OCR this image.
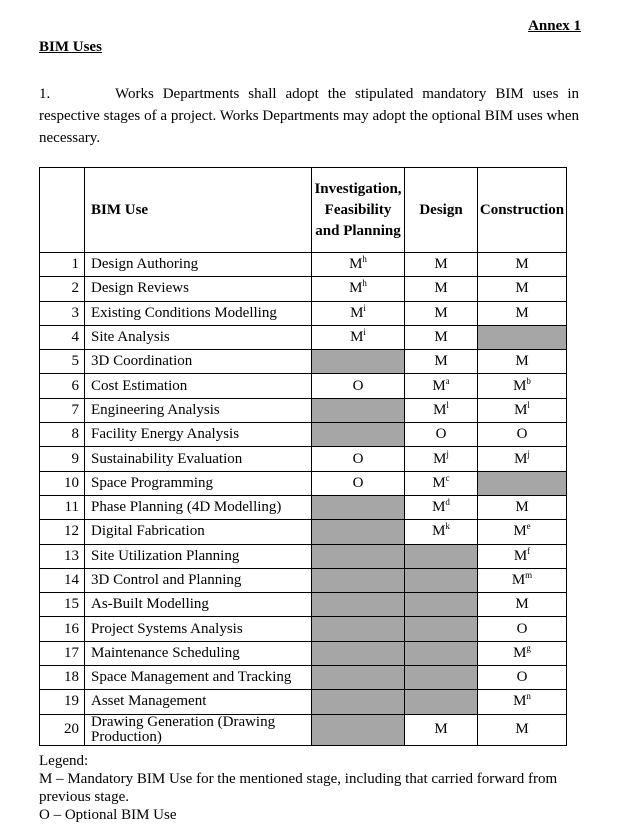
Annex 1
BIM Uses
1.	Works Departments shall adopt the stipulated mandatory BIM uses in respective stages of a project. Works Departments may adopt the optional BIM uses when necessary.
	BIM Use	Investigation,
Feasibility
and Planning	Design	Construction
1	Design Authoring	$M^h$	M	M
2	Design Reviews	$M^h$	M	M
3	Existing Conditions Modelling	$M^i$	M	M
4	Site Analysis	$M^i$	M	
5	3D Coordination		M	M
6	Cost Estimation	O	$M^a$	$M^b$
7	Engineering Analysis		$M^l$	$M^l$
8	Facility Energy Analysis		O	O
9	Sustainability Evaluation	O	$M^j$	$M^j$
10	Space Programming	O	$M^c$	
11	Phase Planning (4D Modelling)		$M^d$	M
12	Digital Fabrication		$M^k$	Me
13	Site Utilization Planning			$M^f$
14	3D Control and Planning			$M^m$
15	As-Built Modelling			M
16	Project Systems Analysis			O
17	Maintenance Scheduling			$M^g$
18	Space Management and Tracking			O
19	Asset Management			$M^n$
20	Drawing Generation (Drawing Production)		M	M
Legend:
M – Mandatory BIM Use for the mentioned stage, including that carried forward from previous stage.
O – Optional BIM Use
